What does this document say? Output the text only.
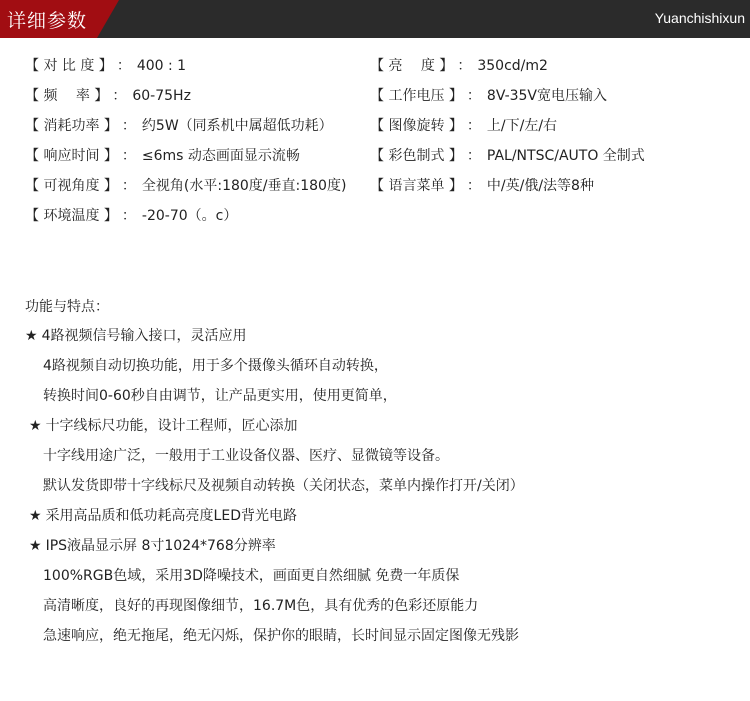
详细参数	Yuanchishixun
【 对 比 度 】 ： 400 : 1
【 频　 率 】 ： 60-75Hz
【 消耗功率 】 ： 约5W（同系机中属超低功耗）
【 响应时间 】 ： ≤6ms 动态画面显示流畅
【 可视角度 】 ： 全视角(水平:180度/垂直:180度)
【 环境温度 】 ： -20-70（。c）
【 亮　 度 】 ： 350cd/m2
【 工作电压 】 ： 8V-35V宽电压输入
【 图像旋转 】 ： 上/下/左/右
【 彩色制式 】 ： PAL/NTSC/AUTO 全制式
【 语言菜单 】 ： 中/英/俄/法等8种
功能与特点：
★ 4路视频信号输入接口，灵活应用
4路视频自动切换功能，用于多个摄像头循环自动转换，
转换时间0-60秒自由调节，让产品更实用，使用更简单，
★ 十字线标尺功能，设计工程师，匠心添加
十字线用途广泛，一般用于工业设备仪器、医疗、显微镜等设备。
默认发货即带十字线标尺及视频自动转换（关闭状态，菜单内操作打开/关闭）
★ 采用高品质和低功耗高亮度LED背光电路
★ IPS液晶显示屏 8寸1024*768分辨率
100%RGB色域，采用3D降噪技术，画面更自然细腻 免费一年质保
高清晰度，良好的再现图像细节，16.7M色，具有优秀的色彩还原能力
急速响应，绝无拖尾，绝无闪烁，保护你的眼睛，长时间显示固定图像无残影
